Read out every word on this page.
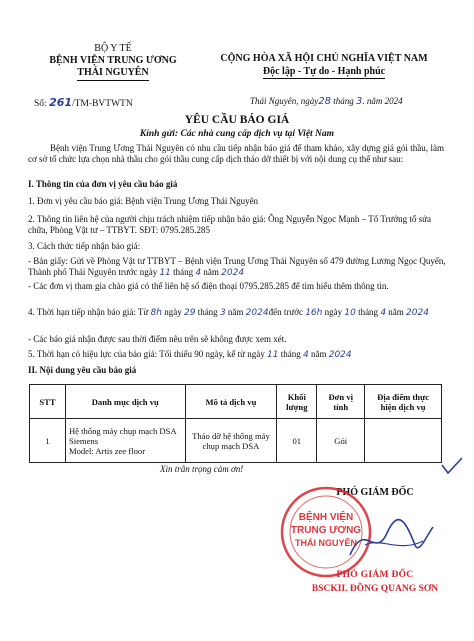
BỘ Y TẾ
BỆNH VIỆN TRUNG ƯƠNG
THÁI NGUYÊN
Số: 261/TM-BVTWTN
CỘNG HÒA XÃ HỘI CHỦ NGHĨA VIỆT NAM
Độc lập - Tự do - Hạnh phúc
Thái Nguyên, ngày28 tháng 3. năm 2024
YÊU CẦU BÁO GIÁ
Kính gửi: Các nhà cung cấp dịch vụ tại Việt Nam

Bệnh viện Trung Ương Thái Nguyên có nhu cầu tiếp nhận báo giá để tham khảo, xây dựng giá gói thầu, làm cơ sở tổ chức lựa chọn nhà thầu cho gói thầu cung cấp dịch tháo dỡ thiết bị với nội dung cụ thể như sau:

I. Thông tin của đơn vị yêu cầu báo giá

1. Đơn vị yêu cầu báo giá: Bệnh viện Trung Ương Thái Nguyên

2. Thông tin liên hệ của người chịu trách nhiệm tiếp nhận báo giá: Ông Nguyễn Ngọc Mạnh – Tổ Trưởng tổ sửa chữa, Phòng Vật tư – TTBYT. SĐT: 0795.285.285

3. Cách thức tiếp nhận báo giá:

- Bản giấy: Gửi về Phòng Vật tư TTBYT – Bệnh viện Trung Ương Thái Nguyên số 479 đường Lương Ngọc Quyến, Thành phố Thái Nguyên trước ngày 11 tháng 4 năm 2024

- Các đơn vị tham gia chào giá có thể liên hệ số điện thoại 0795.285.285 để tìm hiểu thêm thông tin.

4. Thời hạn tiếp nhận báo giá: Từ 8h ngày 29 tháng 3 năm 2024đến trước 16h ngày 10 tháng 4 năm 2024

- Các báo giá nhận được sau thời điểm nêu trên sẽ không được xem xét.

5. Thời hạn có hiệu lực của báo giá: Tối thiểu 90 ngày, kể từ ngày 11 tháng 4 năm 2024

II. Nội dung yêu cầu báo giá

STT	Danh mục dịch vụ	Mô tả dịch vụ	Khối lượng	Đơn vị tính	Địa điểm thực hiện dịch vụ
1	Hệ thống máy chụp mạch DSA
Siemens
Model: Artis zee floor	Tháo dỡ hệ thống máy chụp mạch DSA	01	Gói	
Xin trân trọng cảm ơn!
PHÓ GIÁM ĐỐC
BỆNH VIỆN
TRUNG ƯƠNG
THÁI NGUYÊN
PHÓ GIÁM ĐỐC
BSCKII. ĐỒNG QUANG SƠN
